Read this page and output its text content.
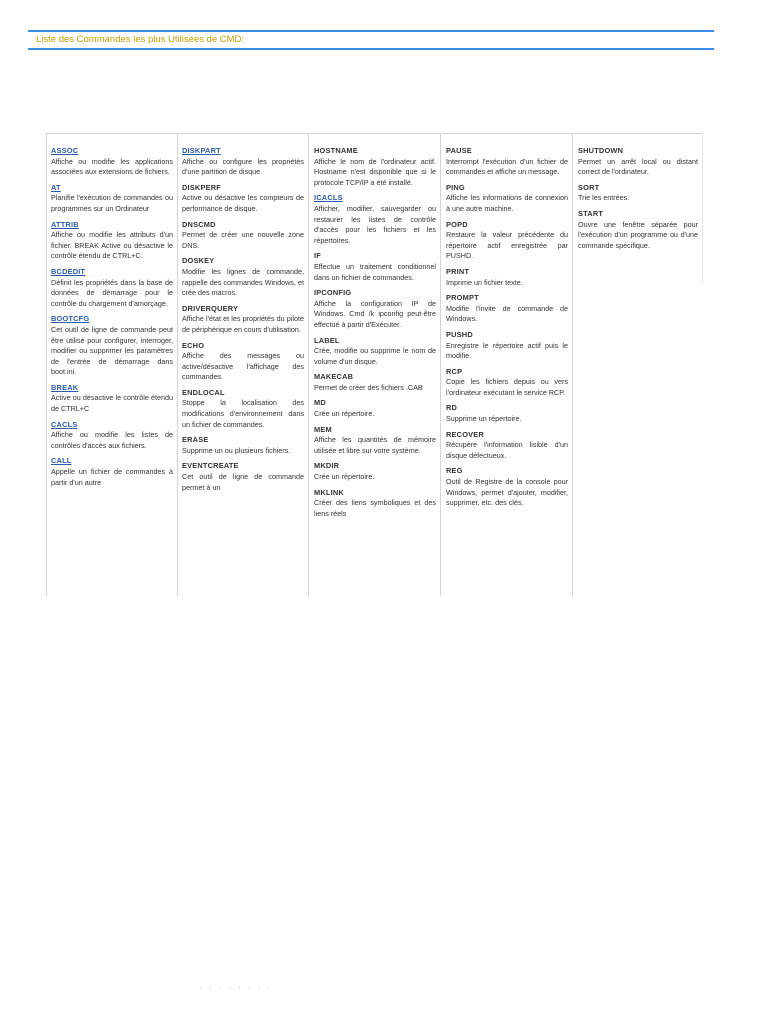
Liste des Commandes les plus Utilisées de CMD:
ASSOC
Affiche ou modifie les applications associées aux extensions de fichiers.
AT
Planifie l'exécution de commandes ou programmes sur un Ordinateur
ATTRIB
Affiche ou modifie les attributs d'un fichier. BREAK Active ou désactive le contrôle étendu de CTRL+C.
BCDEDIT
Définit les propriétés dans la base de données de démarrage pour le contrôle du chargement d'amorçage.
BOOTCFG
Cet outil de ligne de commande peut être utilisé pour configurer, interroger, modifier ou supprimer les paramètres de l'entrée de démarrage dans boot.ini.
BREAK
Active ou désactive le contrôle étendu de CTRL+C
CACLS
Affiche ou modifie les listes de contrôles d'accès aux fichiers.
CALL
Appelle un fichier de commandes à partir d'un autre
DISKPART
Affiche ou configure les propriétés d'une partition de disque.
DISKPERF
Active ou désactive les compteurs de performance de disque.
DNSCMD
Permet de créer une nouvelle zone DNS.
DOSKEY
Modifie les lignes de commande, rappelle des commandes Windows, et crée des macros.
DRIVERQUERY
Affiche l'état et les propriétés du pilote de périphérique en cours d'utilisation.
ECHO
Affiche des messages ou active/désactive l'affichage des commandes.
ENDLOCAL
Stoppe la localisation des modifications d'environnement dans un fichier de commandes.
ERASE
Supprime un ou plusieurs fichiers.
EVENTCREATE
Cet outil de ligne de commande permet à un
HOSTNAME
Affiche le nom de l'ordinateur actif. Hostname n'est disponible que si le protocole TCP/IP a été installé.
ICACLS
Afficher, modifier, sauvegarder ou restaurer les listes de contrôle d'accès pour les fichiers et les répertoires.
IF
Effectue un traitement conditionnel dans un fichier de commandes.
IPCONFIG
Affiche la configuration IP de Windows. Cmd /k ipconfig peut-être effectué à partir d'Exécuter.
LABEL
Crée, modifie ou supprime le nom de volume d'un disque.
MAKECAB
Permet de créer des fichiers .CAB
MD
Crée un répertoire.
MEM
Affiche les quantités de mémoire utilisée et libre sur votre système.
MKDIR
Crée un répertoire.
MKLINK
Créer des liens symboliques et des liens réels
PAUSE
Interrompt l'exécution d'un fichier de commandes et affiche un message.
PING
Affiche les informations de connexion à une autre machine.
POPD
Restaure la valeur précédente du répertoire actif enregistrée par PUSHD.
PRINT
Imprime un fichier texte.
PROMPT
Modifie l'invite de commande de Windows.
PUSHD
Enregistre le répertoire actif puis le modifie.
RCP
Copie les fichiers depuis ou vers l'ordinateur exécutant le service RCP.
RD
Supprime un répertoire.
RECOVER
Récupère l'information lisible d'un disque défectueux.
REG
Outil de Registre de la console pour Windows, permet d'ajouter, modifier, supprimer, etc. des clés.
SHUTDOWN
Permet un arrêt local ou distant correct de l'ordinateur.
SORT
Trie les entrées.
START
Ouvre une fenêtre séparée pour l'exécution d'un programme ou d'une commande spécifique.
· · · · · · · ·
